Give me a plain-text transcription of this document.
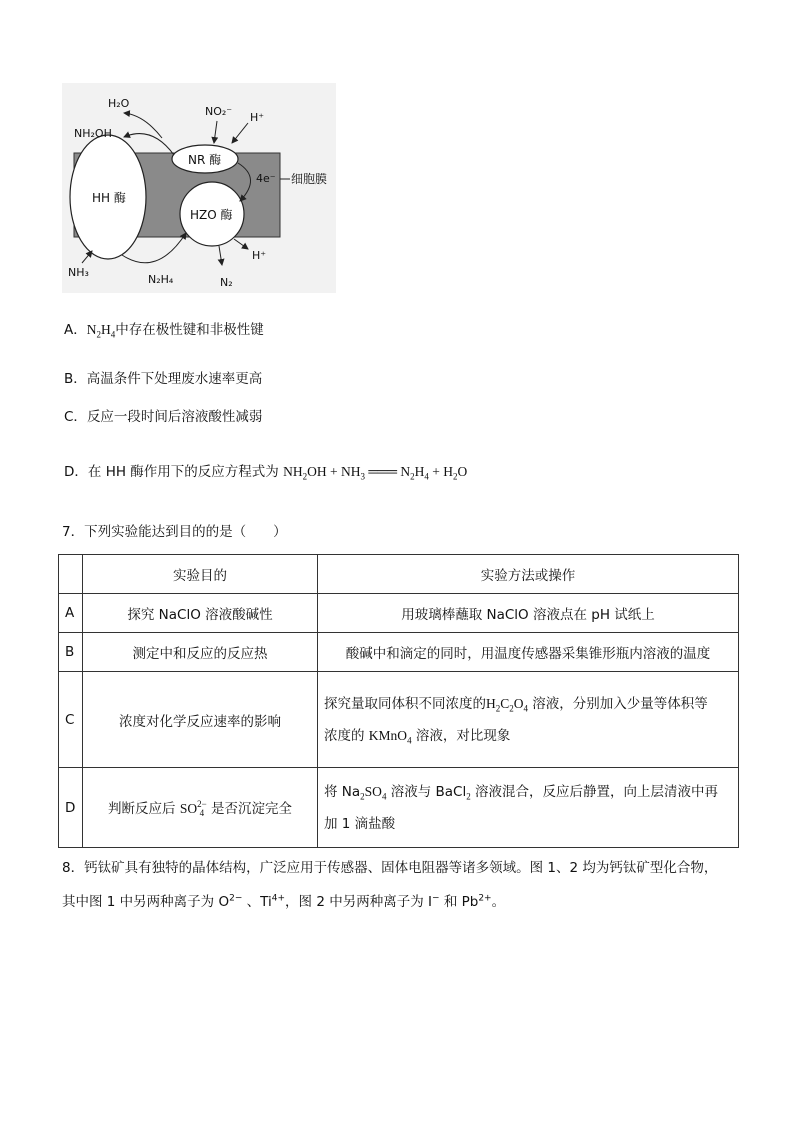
细胞膜
HH 酶
NR 酶
HZO 酶
4e⁻
NO₂⁻ H⁺
H₂O
NH₂OH
NH₃
N₂H₄	N₂
H⁺
A．$N_2H_4$中存在极性键和非极性键
B．高温条件下处理废水速率更高
C．反应一段时间后溶液酸性减弱
D．在 HH 酶作用下的反应方程式为 $NH_2OH + NH_3$ ═══ $N_2H_4 + H_2O$
7．下列实验能达到目的的是（　　）
	实验目的	实验方法或操作
A	探究 NaClO 溶液酸碱性	用玻璃棒蘸取 NaClO 溶液点在 pH 试纸上
B	测定中和反应的反应热	酸碱中和滴定的同时，用温度传感器采集锥形瓶内溶液的温度
C	浓度对化学反应速率的影响	探究量取同体积不同浓度的$H_2C_2O_4$ 溶液，分别加入少量等体积等
浓度的 KMnO$_4$ 溶液，对比现象
D	判断反应后 SO 2−
4 是否沉淀完全	将 $Na_2SO_4$ 溶液与 BaCl$_2$ 溶液混合，反应后静置，向上层清液中再
加 1 滴盐酸
8．钙钛矿具有独特的晶体结构，广泛应用于传感器、固体电阻器等诸多领域。图 1、2 均为钙钛矿型化合物，
其中图 1 中另两种离子为 $O^{2-}$ 、$Ti^{4+}$，图 2 中另两种离子为 I− 和 $Pb^{2+}$。
